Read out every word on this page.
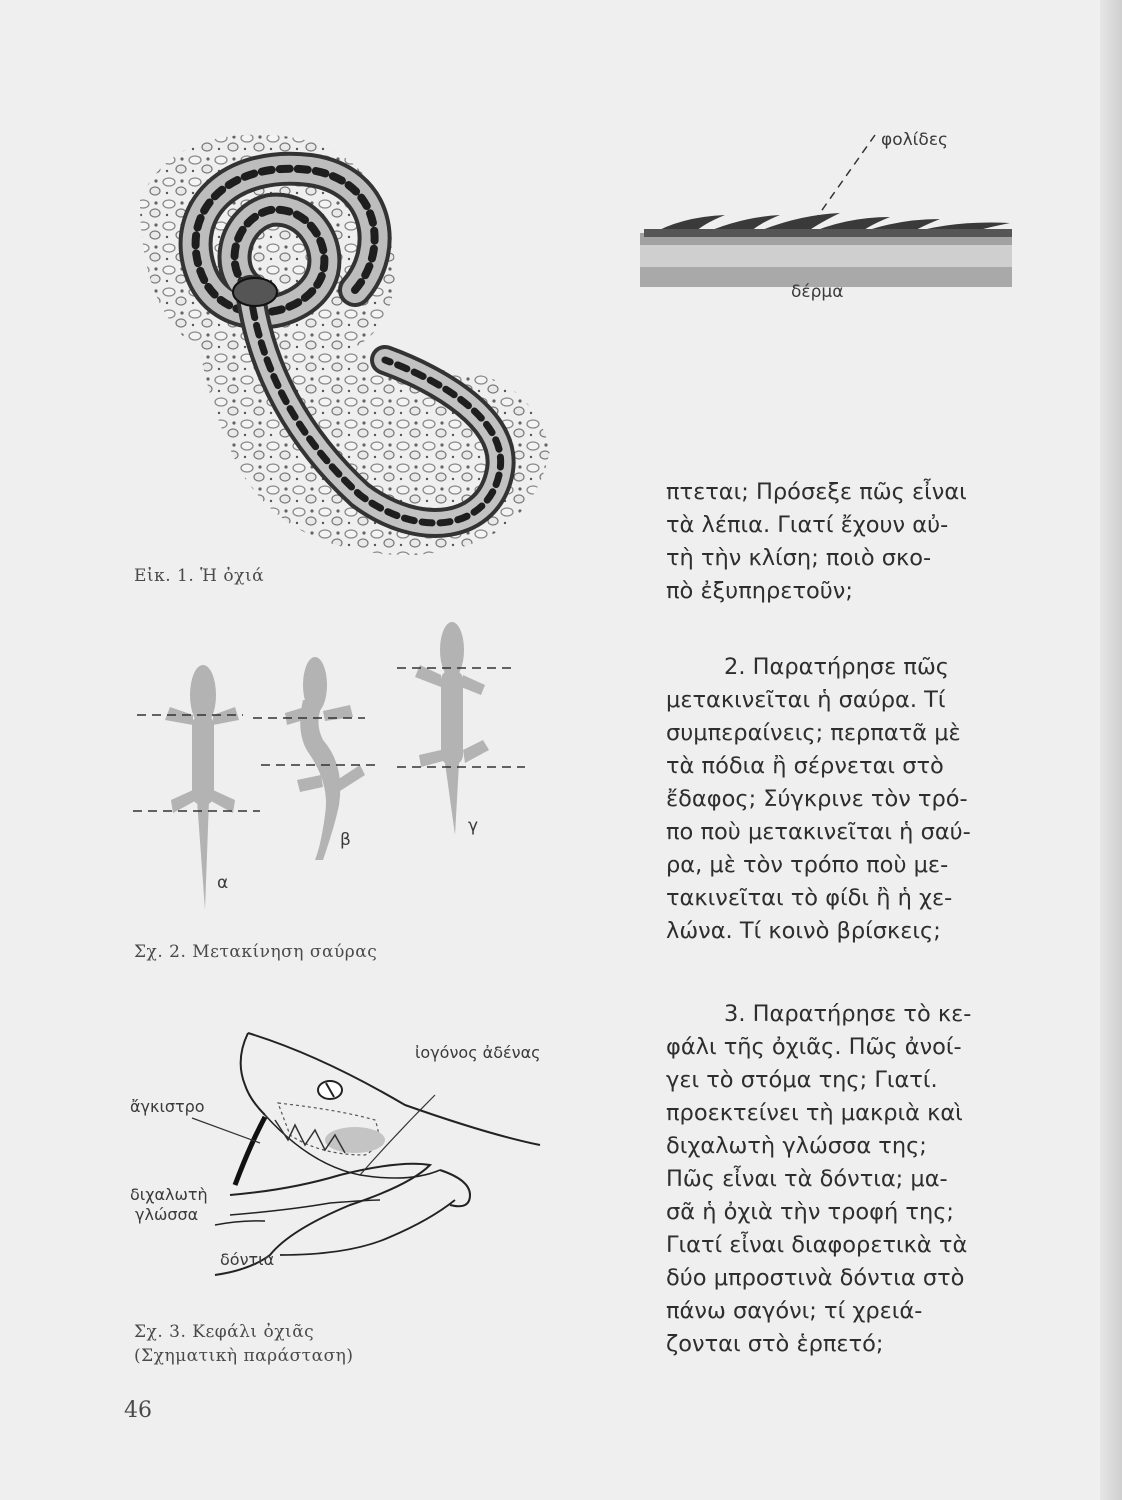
Εἰκ. 1. Ἡ ὀχιά
φολίδες
δέρμα
α
β
γ
Σχ. 2. Μετακίνηση σαύρας
ἰογόνος ἀδένας
ἄγκιστρο
διχαλωτὴ
γλώσσα
δόντια
Σχ. 3. Κεφάλι ὀχιᾶς
(Σχηματικὴ παράσταση)
πτεται; Πρόσεξε πῶς εἶναι
τὰ λέπια. Γιατί ἔχουν αὐ-
τὴ τὴν κλίση; ποιὸ σκο-
πὸ ἐξυπηρετοῦν;
2. Παρατήρησε πῶς
μετακινεῖται ἡ σαύρα. Τί
συμπεραίνεις; περπατᾶ μὲ
τὰ πόδια ἢ σέρνεται στὸ
ἔδαφος; Σύγκρινε τὸν τρό-
πο ποὺ μετακινεῖται ἡ σαύ-
ρα, μὲ τὸν τρόπο ποὺ με-
τακινεῖται τὸ φίδι ἢ ἡ χε-
λώνα. Τί κοινὸ βρίσκεις;
3. Παρατήρησε τὸ κε-
φάλι τῆς ὀχιᾶς. Πῶς ἀνοί-
γει τὸ στόμα της; Γιατί.
προεκτείνει τὴ μακριὰ καὶ
διχαλωτὴ γλώσσα της;
Πῶς εἶναι τὰ δόντια; μα-
σᾶ ἡ ὀχιὰ τὴν τροφή της;
Γιατί εἶναι διαφορετικὰ τὰ
δύο μπροστινὰ δόντια στὸ
πάνω σαγόνι; τί χρειά-
ζονται στὸ ἑρπετό;
46
